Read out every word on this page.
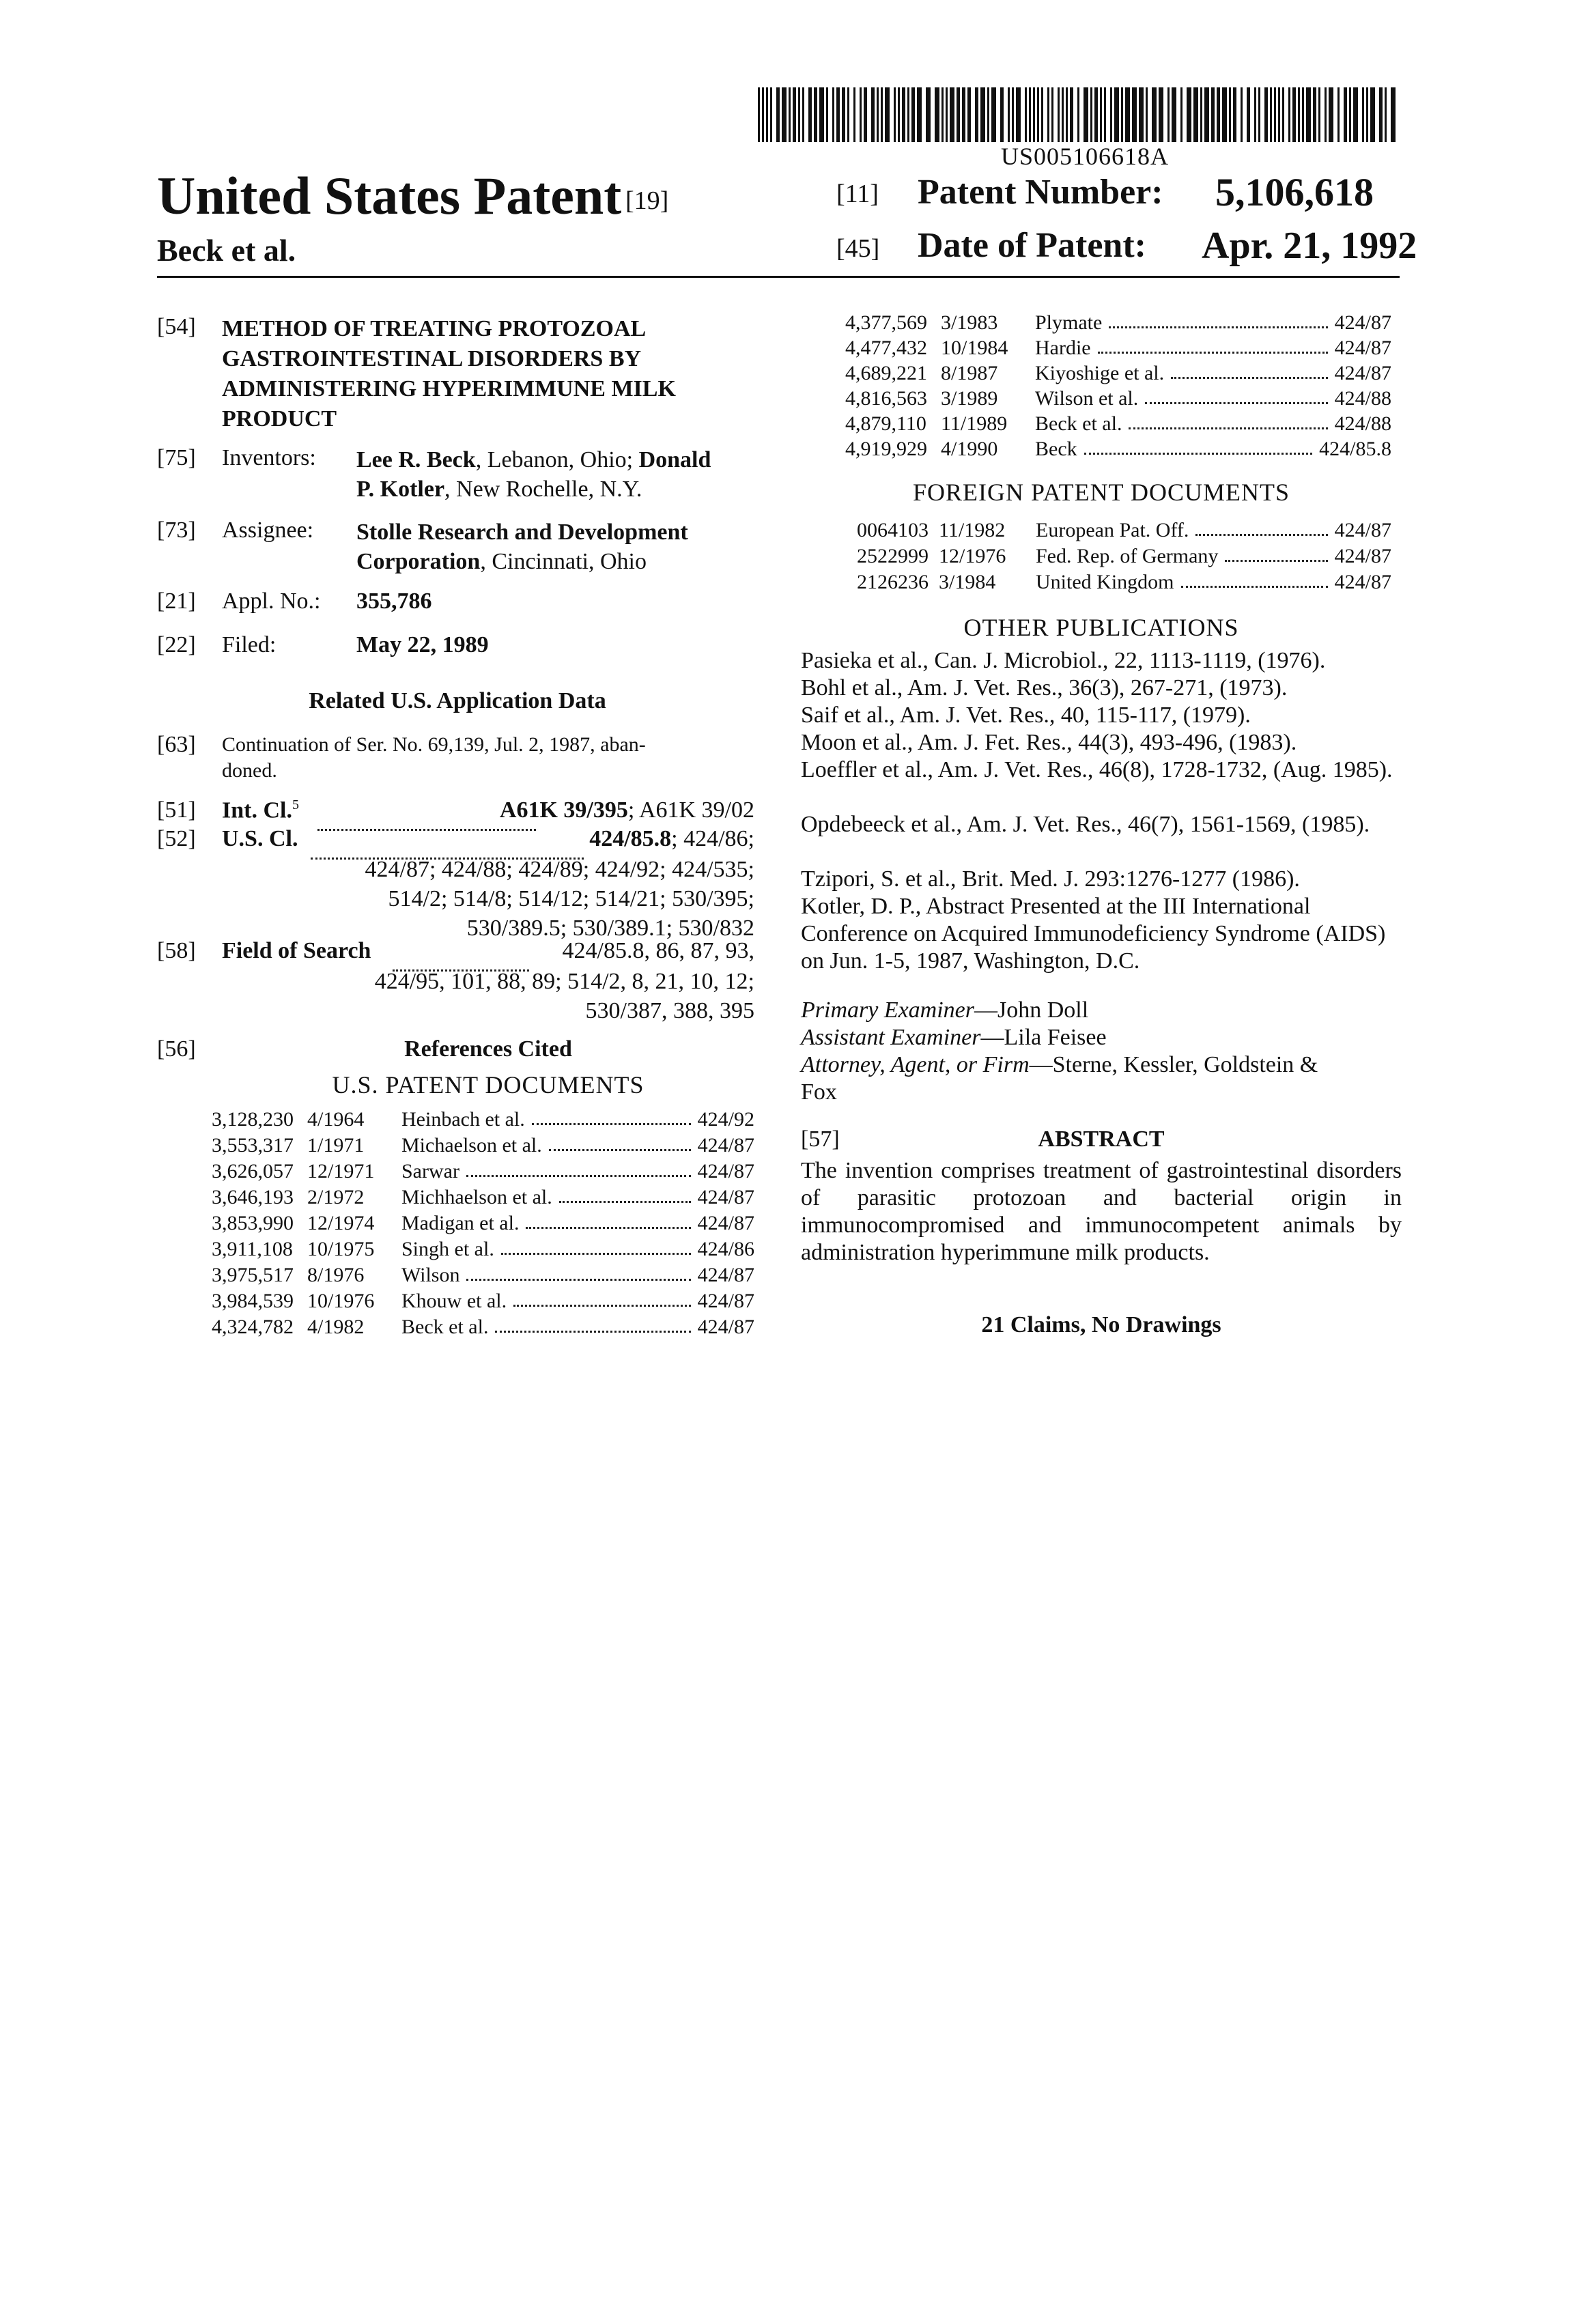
US005106618A
United States Patent [19]
Beck et al.
[11] Patent Number: 5,106,618
[45] Date of Patent: Apr. 21, 1992
[54] METHOD OF TREATING PROTOZOAL
GASTROINTESTINAL DISORDERS BY
ADMINISTERING HYPERIMMUNE MILK
PRODUCT
[75] Inventors: Lee R. Beck, Lebanon, Ohio; Donald
P. Kotler, New Rochelle, N.Y.
[73] Assignee: Stolle Research and Development
Corporation, Cincinnati, Ohio
[21] Appl. No.: 355,786
[22] Filed:	May 22, 1989
Related U.S. Application Data
[63] Continuation of Ser. No. 69,139, Jul. 2, 1987, aban-
doned.
[51] Int. Cl.$^5$	A61K 39/395; A61K 39/02
[52] U.S. Cl.	424/85.8; 424/86;
424/87; 424/88; 424/89; 424/92; 424/535;
514/2; 514/8; 514/12; 514/21; 530/395;
530/389.5; 530/389.1; 530/832
[58] Field of Search	424/85.8, 86, 87, 93,
424/95, 101, 88, 89; 514/2, 8, 21, 10, 12;
530/387, 388, 395
[56]	References Cited
U.S. PATENT DOCUMENTS
3,128,230 4/1964 Heinbach et al.	424/92
3,553,317 1/1971 Michaelson et al.	424/87
3,626,057 12/1971 Sarwar	424/87
3,646,193 2/1972 Michhaelson et al.	424/87
3,853,990 12/1974 Madigan et al.	424/87
3,911,108 10/1975 Singh et al.	424/86
3,975,517 8/1976 Wilson	424/87
3,984,539 10/1976 Khouw et al.	424/87
4,324,782 4/1982 Beck et al.	424/87
4,377,569 3/1983 Plymate	424/87
4,477,432 10/1984 Hardie	424/87
4,689,221 8/1987 Kiyoshige et al.	424/87
4,816,563 3/1989 Wilson et al.	424/88
4,879,110 11/1989 Beck et al.	424/88
4,919,929 4/1990 Beck	424/85.8
FOREIGN PATENT DOCUMENTS
0064103 11/1982 European Pat. Off.	424/87
2522999 12/1976 Fed. Rep. of Germany	424/87
2126236 3/1984 United Kingdom	424/87
OTHER PUBLICATIONS
Pasieka et al., Can. J. Microbiol., 22, 1113-1119, (1976).
Bohl et al., Am. J. Vet. Res., 36(3), 267-271, (1973).
Saif et al., Am. J. Vet. Res., 40, 115-117, (1979).
Moon et al., Am. J. Fet. Res., 44(3), 493-496, (1983).
Loeffler et al., Am. J. Vet. Res., 46(8), 1728-1732, (Aug. 1985).
Opdebeeck et al., Am. J. Vet. Res., 46(7), 1561-1569, (1985).
Tzipori, S. et al., Brit. Med. J. 293:1276-1277 (1986).
Kotler, D. P., Abstract Presented at the III International Conference on Acquired Immunodeficiency Syndrome (AIDS) on Jun. 1-5, 1987, Washington, D.C.
Primary Examiner—John Doll
Assistant Examiner—Lila Feisee
Attorney, Agent, or Firm—Sterne, Kessler, Goldstein &
Fox
[57]	ABSTRACT
The invention comprises treatment of gastrointestinal disorders of parasitic protozoan and bacterial origin in immunocompromised and immunocompetent animals by administration hyperimmune milk products.
21 Claims, No Drawings
